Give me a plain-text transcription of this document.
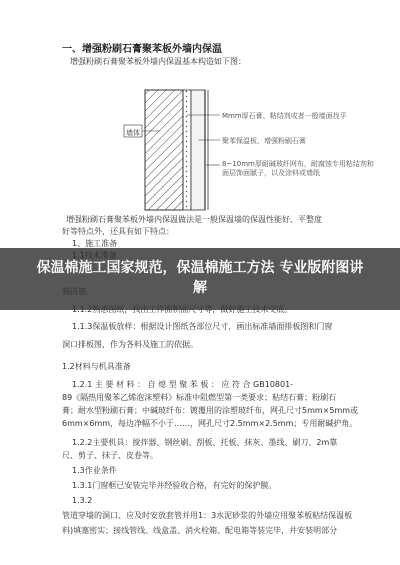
一、增强粉刷石膏聚苯板外墙内保温
增强粉刷石膏聚苯板外墙内保温基本构造如下图：
墙体
Mmm厚石膏、粘结剂或者一般墙面找平
聚苯保温板、增强粉刷石膏
8~10mm厚耐碱玻纤网布，耐腐蚀专用粘结剂和
面层饰面腻子，以及涂料或墙纸
增强粉刷石膏聚苯板外墙内保温做法是一般保温墙的保温性能好、平整度
好等特点外，还具有如下特点：
1、施工准备
保温棉施工国家规范，保温棉施工方法 专业版附图讲
解
制措施。
1.1.2熟悉图纸，找出工作面积面尺寸等，做好施工技术交底。
1.1.3保温板放样：根据设计图纸各部位尺寸，画出标准墙面排板图和门窗
洞口排板图，作为各料及施工的依据。
1.2材料与机具准备
1.2.1 主 要 材 料 ： 自 熄 型 聚 苯 板 ： 应 符 合 GB10801-
89《隔热用聚苯乙烯泡沫塑料》标准中阻燃型第一类要求；粘结石膏；粉刷石
膏；耐水型粉刷石膏；中碱玻纤布：镀覆用的涂塑玻纤布，网孔尺寸5mm×5mm或
6mm×6mm，每边净幅不小于……，网孔尺寸2.5mm×2.5mm；专用耐碱护角。
1.2.2主要机具：搅拌器、钢丝刷、刮板、托板、抹灰、墨线、刷刀、2m靠
尺、剪子、抹子、皮卷等。
1.3作业条件
1.3.1门窗框已安装完毕并经验收合格，有完好的保护膜。
1.3.2
管道穿墙的洞口、应及时安放套管并用1：3水泥砂浆的外墙应用聚苯板粘结保温板
料)填塞密实；接线管线、线盒盖、消火栓箱、配电箱等装完毕，并安装明部分
